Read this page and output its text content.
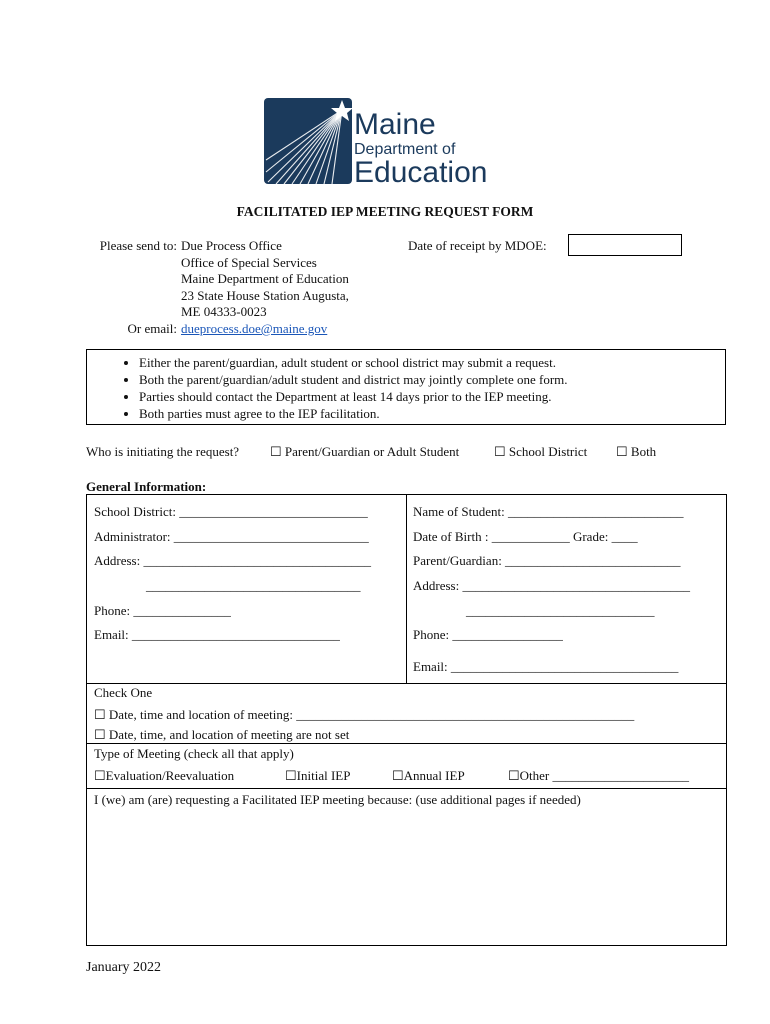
Maine
Department of
Education
FACILITATED IEP MEETING REQUEST FORM
Please send to: Due Process Office
Office of Special Services
Maine Department of Education
23 State House Station Augusta,
ME 04333-0023
Or email: dueprocess.doe@maine.gov
Date of receipt by MDOE:
• Either the parent/guardian, adult student or school district may submit a request.
• Both the parent/guardian/adult student and district may jointly complete one form.
• Parties should contact the Department at least 14 days prior to the IEP meeting.
• Both parties must agree to the IEP facilitation.
Who is initiating the request? ☐ Parent/Guardian or Adult Student	☐ School District ☐ Both
General Information:
School District: _____________________________
Administrator: ______________________________
Address: ___________________________________
_________________________________
Phone: _______________
Email: ________________________________
Name of Student: ___________________________
Date of Birth : ____________ Grade: ____
Parent/Guardian: ___________________________
Address: ___________________________________
_____________________________
Phone: _________________
Email: ___________________________________
Check One
☐ Date, time and location of meeting: ____________________________________________________
☐ Date, time, and location of meeting are not set
Type of Meeting (check all that apply)
☐Evaluation/Reevaluation	☐Initial IEP	☐Annual IEP	☐Other _____________________
I (we) am (are) requesting a Facilitated IEP meeting because: (use additional pages if needed)
January 2022
